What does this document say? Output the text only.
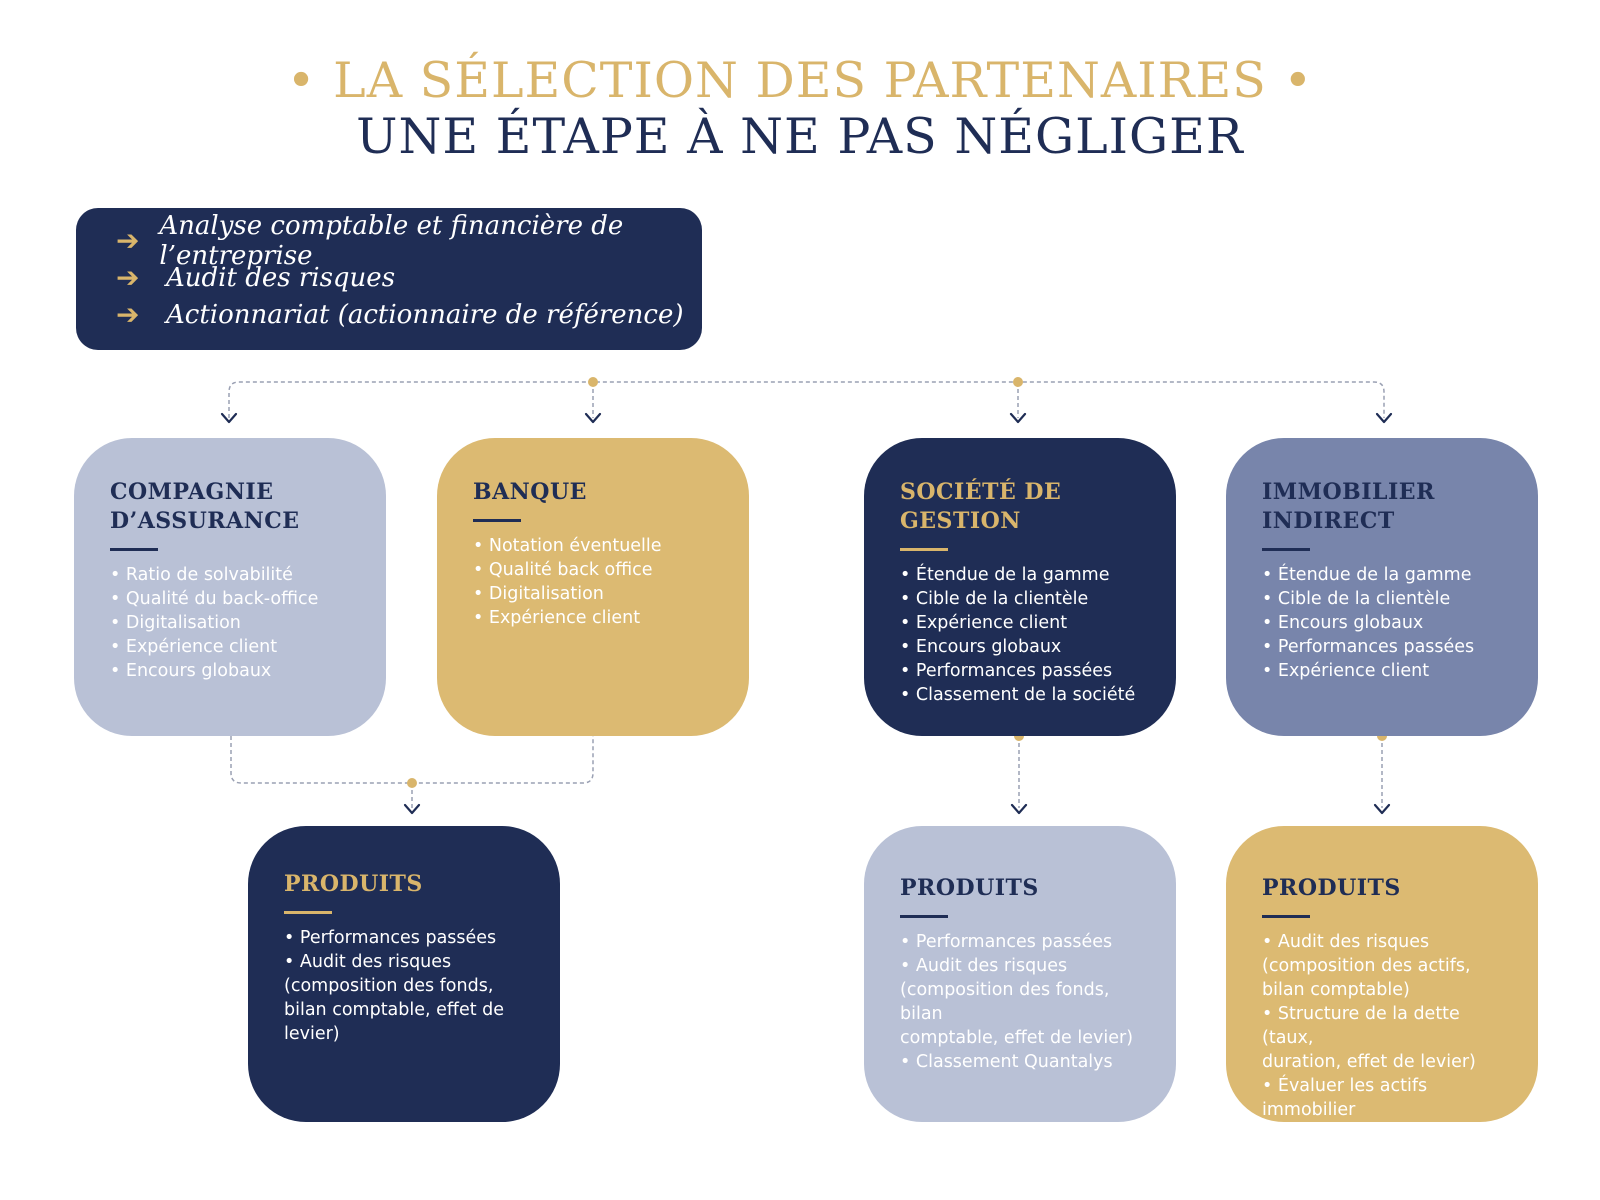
• LA SÉLECTION DES PARTENAIRES •
UNE ÉTAPE À NE PAS NÉGLIGER
➔ Analyse comptable et financière de l’entreprise
➔	Audit des risques
➔	Actionnariat (actionnaire de référence)
COMPAGNIE
D’ASSURANCE
• Ratio de solvabilité
• Qualité du back-office
• Digitalisation
• Expérience client
• Encours globaux
BANQUE
• Notation éventuelle
• Qualité back office
• Digitalisation
• Expérience client
SOCIÉTÉ DE
GESTION
• Étendue de la gamme
• Cible de la clientèle
• Expérience client
• Encours globaux
• Performances passées
• Classement de la société
IMMOBILIER
INDIRECT
• Étendue de la gamme
• Cible de la clientèle
• Encours globaux
• Performances passées
• Expérience client
PRODUITS
• Performances passées
• Audit des risques
(composition des fonds,
bilan comptable, effet de
levier)
PRODUITS
• Performances passées
• Audit des risques
(composition des fonds, bilan
comptable, effet de levier)
• Classement Quantalys
PRODUITS
• Audit des risques
(composition des actifs,
bilan comptable)
• Structure de la dette (taux,
duration, effet de levier)
• Évaluer les actifs immobilier
